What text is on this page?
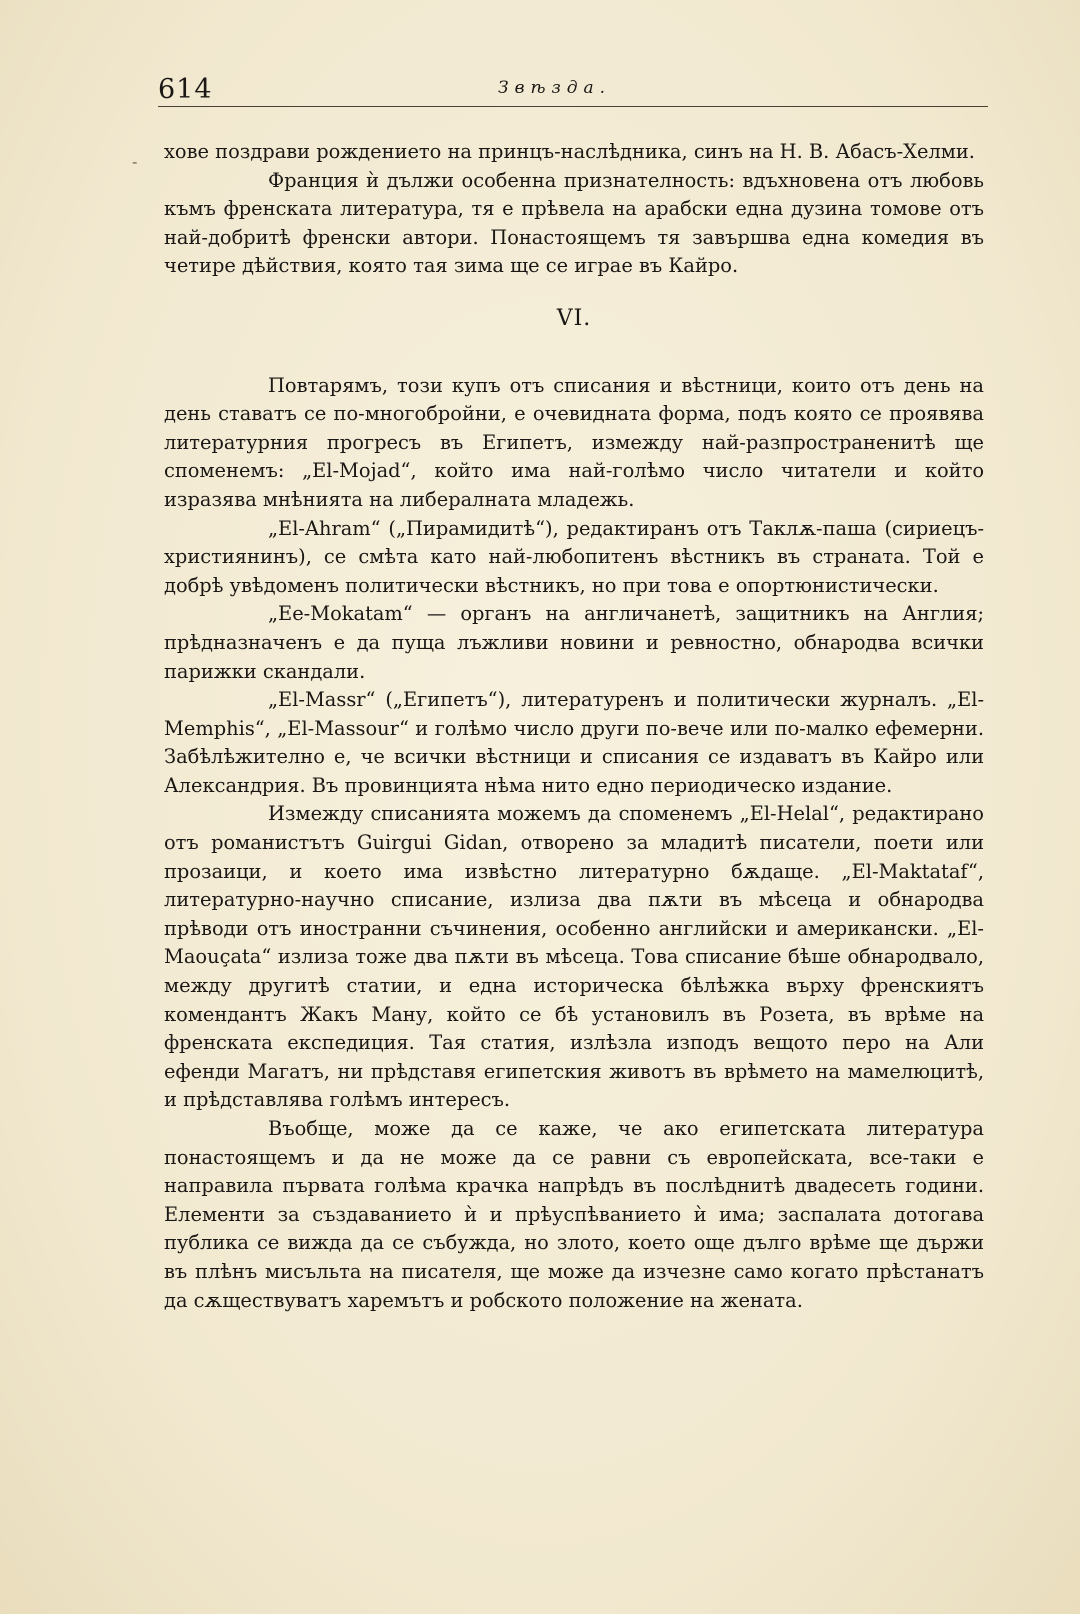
614	Звѣзда.
- хове поздрави рождението на принцъ-наслѣдника, синъ на Н. В. Абасъ-Хелми.

Франция ѝ дължи особенна признателность: вдъхновена отъ любовь къмъ френската литература, тя е прѣвела на арабски една дузина томове отъ най-добритѣ френски автори. Понастоящемъ тя завършва една комедия въ четире дѣйствия, която тая зима ще се играе въ Кайро.

VI.

Повтарямъ, този купъ отъ списания и вѣстници, които отъ день на день ставатъ се по-многобройни, е очевидната форма, подъ която се проявява литературния прогресъ въ Египетъ, измежду най-разпространенитѣ ще споменемъ: „El-Mojad“, който има най-голѣмо число читатели и който изразява мнѣнията на либералната младежь.

„El-Ahram“ („Пирамидитѣ“), редактиранъ отъ Таклѫ-паша (сириецъ-християнинъ), се смѣта като най-любопитенъ вѣстникъ въ страната. Той е добрѣ увѣдоменъ политически вѣстникъ, но при това е опортюнистически.

„Ee-Mokatam“ — органъ на англичанетѣ, защитникъ на Англия; прѣдназначенъ е да пуща лъжливи новини и ревностно, обнародва всички парижки скандали.

„El-Massr“ („Египетъ“), литературенъ и политически журналъ. „El-Memphis“, „El-Massour“ и голѣмо число други по-вече или по-малко ефемерни. Забѣлѣжително е, че всички вѣстници и списания се издаватъ въ Кайро или Александрия. Въ провинцията нѣма нито едно периодическо издание.

Измежду списанията можемъ да споменемъ „El-Helal“, редактирано отъ романистътъ Guirgui Gidan, отворено за младитѣ писатели, поети или прозаици, и което има извѣстно литературно бѫдаще. „El-Maktataf“, литературно-научно списание, излиза два пѫти въ мѣсеца и обнародва прѣводи отъ иностранни съчинения, особенно английски и американски. „El-Maouçata“ излиза тоже два пѫти въ мѣсеца. Това списание бѣше обнародвало, между другитѣ статии, и една историческа бѣлѣжка върху френскиятъ комендантъ Жакъ Ману, който се бѣ установилъ въ Розета, въ врѣме на френската експедиция. Тая статия, излѣзла изподъ вещото перо на Али ефенди Магатъ, ни прѣдставя египетския животъ въ врѣмето на мамелюцитѣ, и прѣдставлява голѣмъ интересъ.

Въобще, може да се каже, че ако египетската литература понастоящемъ и да не може да се равни съ европейската, все-таки е направила първата голѣма крачка напрѣдъ въ послѣднитѣ двадесеть години. Елементи за създаванието ѝ и прѣуспѣванието ѝ има; заспалата дотогава публика се вижда да се събужда, но злото, което още дълго врѣме ще държи въ плѣнъ мисъльта на писателя, ще може да изчезне само когато прѣстанатъ да сѫществуватъ харемътъ и робското положение на жената.
